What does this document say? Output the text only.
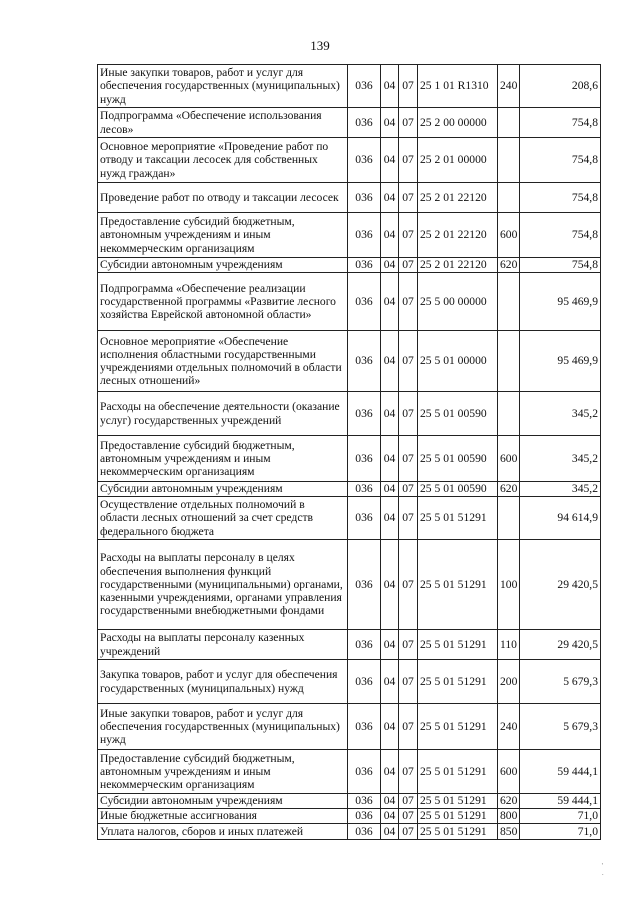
139
Иные закупки товаров, работ и услуг для обеспечения государственных (муниципальных) нужд	036	04	07	25 1 01 R1310	240	208,6
Подпрограмма «Обеспечение использования лесов»	036	04	07	25 2 00 00000		754,8
Основное мероприятие «Проведение работ по отводу и таксации лесосек для собственных нужд граждан»	036	04	07	25 2 01 00000		754,8
Проведение работ по отводу и таксации лесосек	036	04	07	25 2 01 22120		754,8
Предоставление субсидий бюджетным, автономным учреждениям и иным некоммерческим организациям	036	04	07	25 2 01 22120	600	754,8
Субсидии автономным учреждениям	036	04	07	25 2 01 22120	620	754,8
Подпрограмма «Обеспечение реализации государственной программы «Развитие лесного хозяйства Еврейской автономной области»	036	04	07	25 5 00 00000		95 469,9
Основное мероприятие «Обеспечение исполнения областными государственными учреждениями отдельных полномочий в области лесных отношений»	036	04	07	25 5 01 00000		95 469,9
Расходы на обеспечение деятельности (оказание услуг) государственных учреждений	036	04	07	25 5 01 00590		345,2
Предоставление субсидий бюджетным, автономным учреждениям и иным некоммерческим организациям	036	04	07	25 5 01 00590	600	345,2
Субсидии автономным учреждениям	036	04	07	25 5 01 00590	620	345,2
Осуществление отдельных полномочий в области лесных отношений за счет средств федерального бюджета	036	04	07	25 5 01 51291		94 614,9
Расходы на выплаты персоналу в целях обеспечения выполнения функций государственными (муниципальными) органами, казенными учреждениями, органами управления государственными внебюджетными фондами	036	04	07	25 5 01 51291	100	29 420,5
Расходы на выплаты персоналу казенных учреждений	036	04	07	25 5 01 51291	110	29 420,5
Закупка товаров, работ и услуг для обеспечения государственных (муниципальных) нужд	036	04	07	25 5 01 51291	200	5 679,3
Иные закупки товаров, работ и услуг для обеспечения государственных (муниципальных) нужд	036	04	07	25 5 01 51291	240	5 679,3
Предоставление субсидий бюджетным, автономным учреждениям и иным некоммерческим организациям	036	04	07	25 5 01 51291	600	59 444,1
Субсидии автономным учреждениям	036	04	07	25 5 01 51291	620	59 444,1
Иные бюджетные ассигнования	036	04	07	25 5 01 51291	800	71,0
Уплата налогов, сборов и иных платежей	036	04	07	25 5 01 51291	850	71,0
'
·
